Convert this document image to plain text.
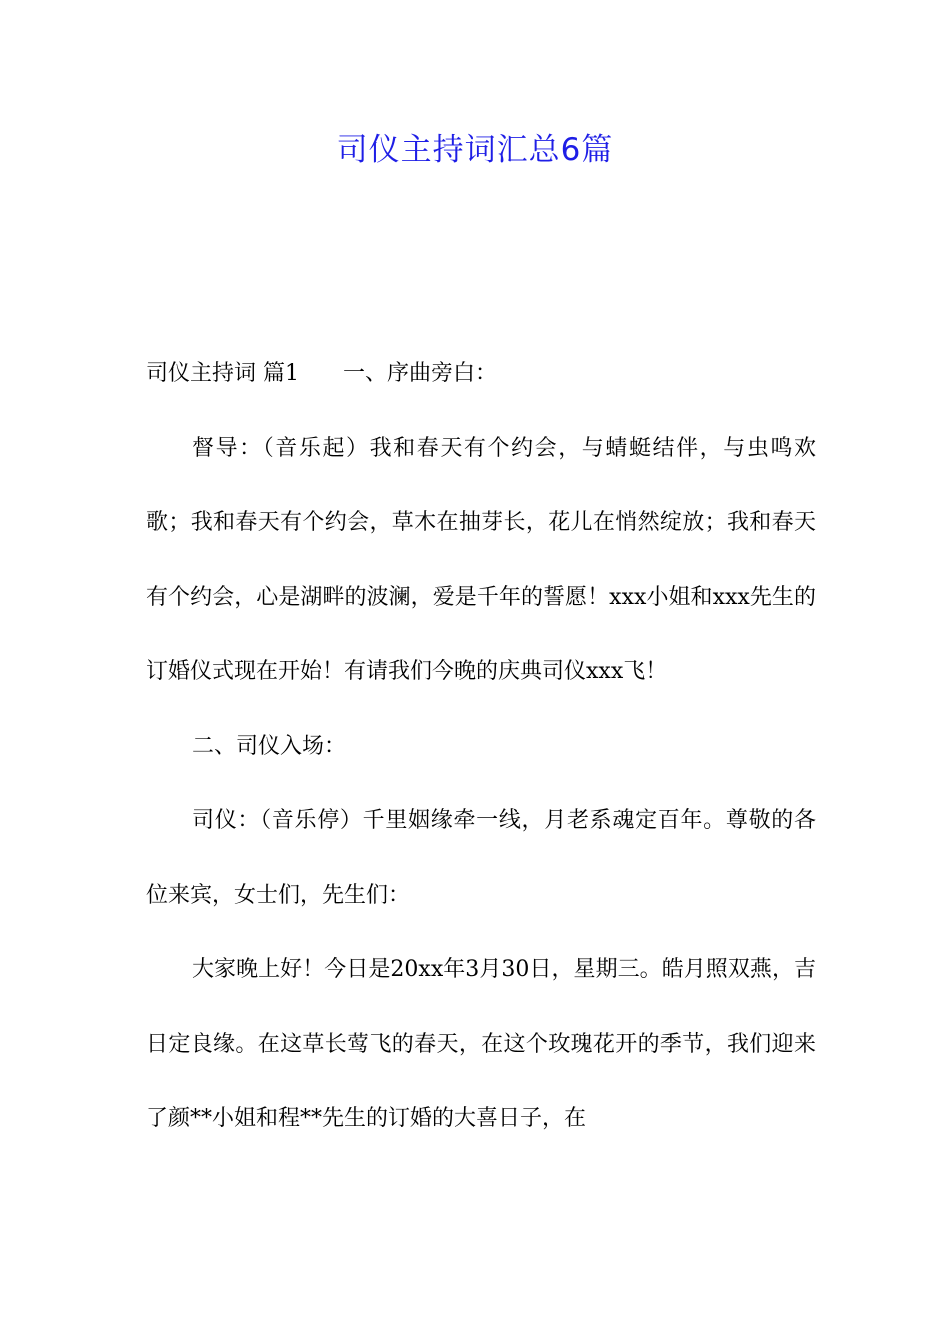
司仪主持词汇总6篇

司仪主持词 篇1 一、序曲旁白：

督导：（音乐起）我和春天有个约会，与蜻蜓结伴，与虫鸣欢歌；我和春天有个约会，草木在抽芽长，花儿在悄然绽放；我和春天有个约会，心是湖畔的波澜，爱是千年的誓愿！xxx小姐和xxx先生的订婚仪式现在开始！有请我们今晚的庆典司仪xxx飞！

二、司仪入场：

司仪：（音乐停）千里姻缘牵一线，月老系魂定百年。尊敬的各位来宾，女士们，先生们：

大家晚上好！今日是20xx年3月30日，星期三。皓月照双燕，吉日定良缘。在这草长莺飞的春天，在这个玫瑰花开的季节，我们迎来了颜**小姐和程**先生的订婚的大喜日子，在
